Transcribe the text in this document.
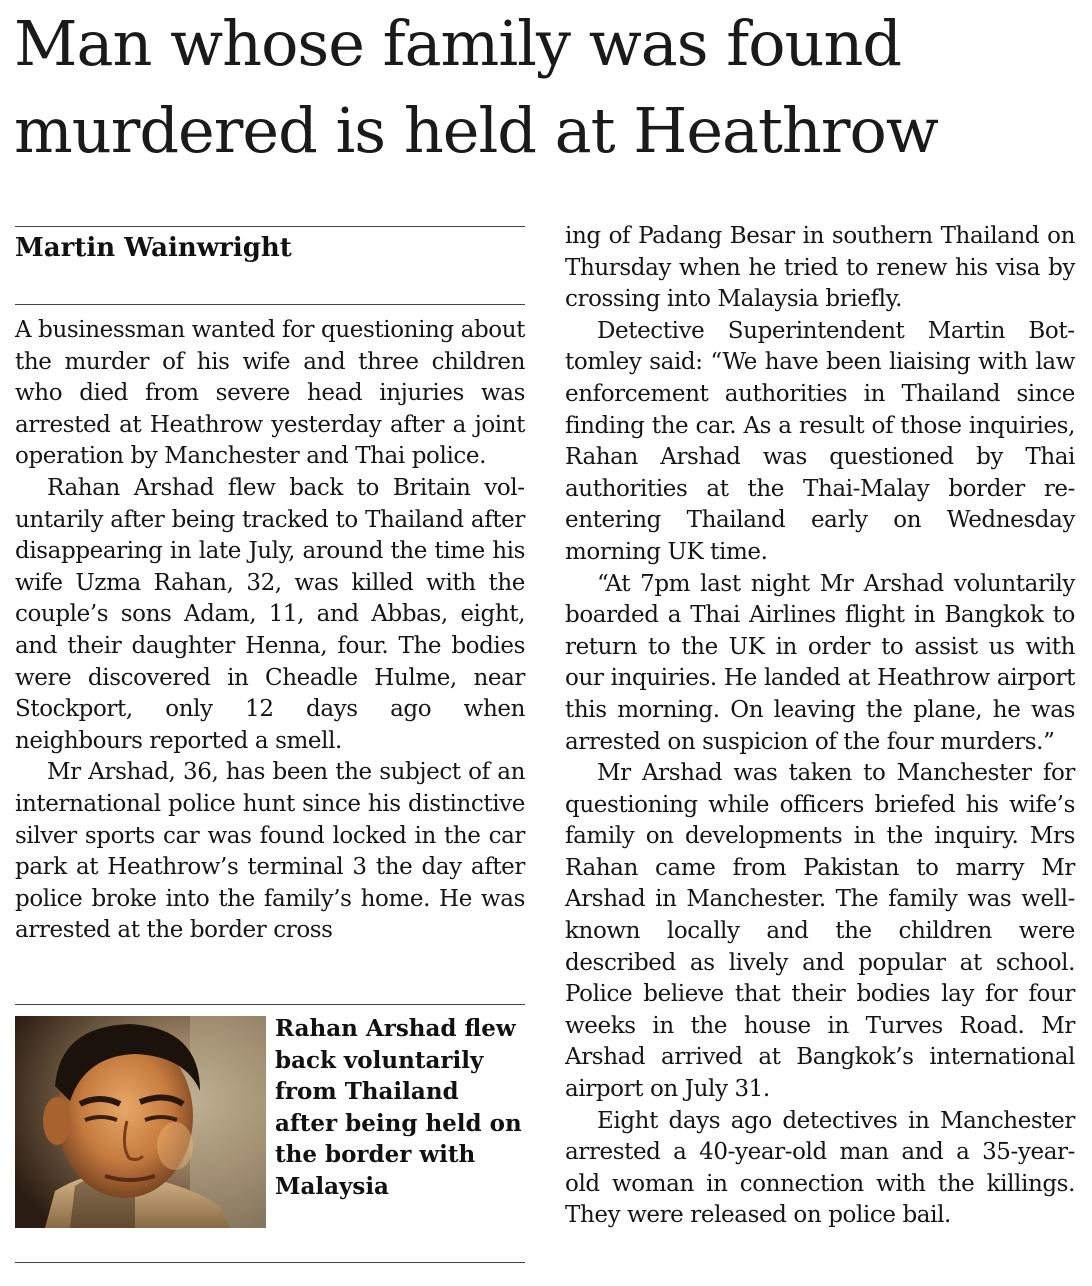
Man whose family was found murdered is held at Heathrow
Martin Wainwright

A businessman wanted for questioning about the murder of his wife and three children who died from severe head injuries was arrested at Heathrow yesterday after a joint operation by Manchester and Thai police.

Rahan Arshad flew back to Britain voluntarily after being tracked to Thailand after disappearing in late July, around the time his wife Uzma Rahan, 32, was killed with the couple’s sons Adam, 11, and Abbas, eight, and their daughter Henna, four. The bodies were discovered in Cheadle Hulme, near Stockport, only 12 days ago when neighbours reported a smell.

Mr Arshad, 36, has been the subject of an international police hunt since his distinctive silver sports car was found locked in the car park at Heathrow’s terminal 3 the day after police broke into the family’s home. He was arrested at the border cross

ing of Padang Besar in southern Thailand on Thursday when he tried to renew his visa by crossing into Malaysia briefly.

Detective Superintendent Martin Bottomley said: “We have been liaising with law enforcement authorities in Thailand since finding the car. As a result of those inquiries, Rahan Arshad was questioned by Thai authorities at the Thai-Malay border re-entering Thailand early on Wednesday morning UK time.

“At 7pm last night Mr Arshad voluntarily boarded a Thai Airlines flight in Bangkok to return to the UK in order to assist us with our inquiries. He landed at Heathrow airport this morning. On leaving the plane, he was arrested on suspicion of the four murders.”

Mr Arshad was taken to Manchester for questioning while officers briefed his wife’s family on developments in the inquiry. Mrs Rahan came from Pakistan to marry Mr Arshad in Manchester. The family was well-known locally and the children were described as lively and popular at school. Police believe that their bodies lay for four weeks in the house in Turves Road. Mr Arshad arrived at Bangkok’s international airport on July 31.

Eight days ago detectives in Manchester arrested a 40-year-old man and a 35-year-old woman in connection with the killings. They were released on police bail.

Rahan Arshad flew back voluntarily from Thailand after being held on the border with Malaysia
